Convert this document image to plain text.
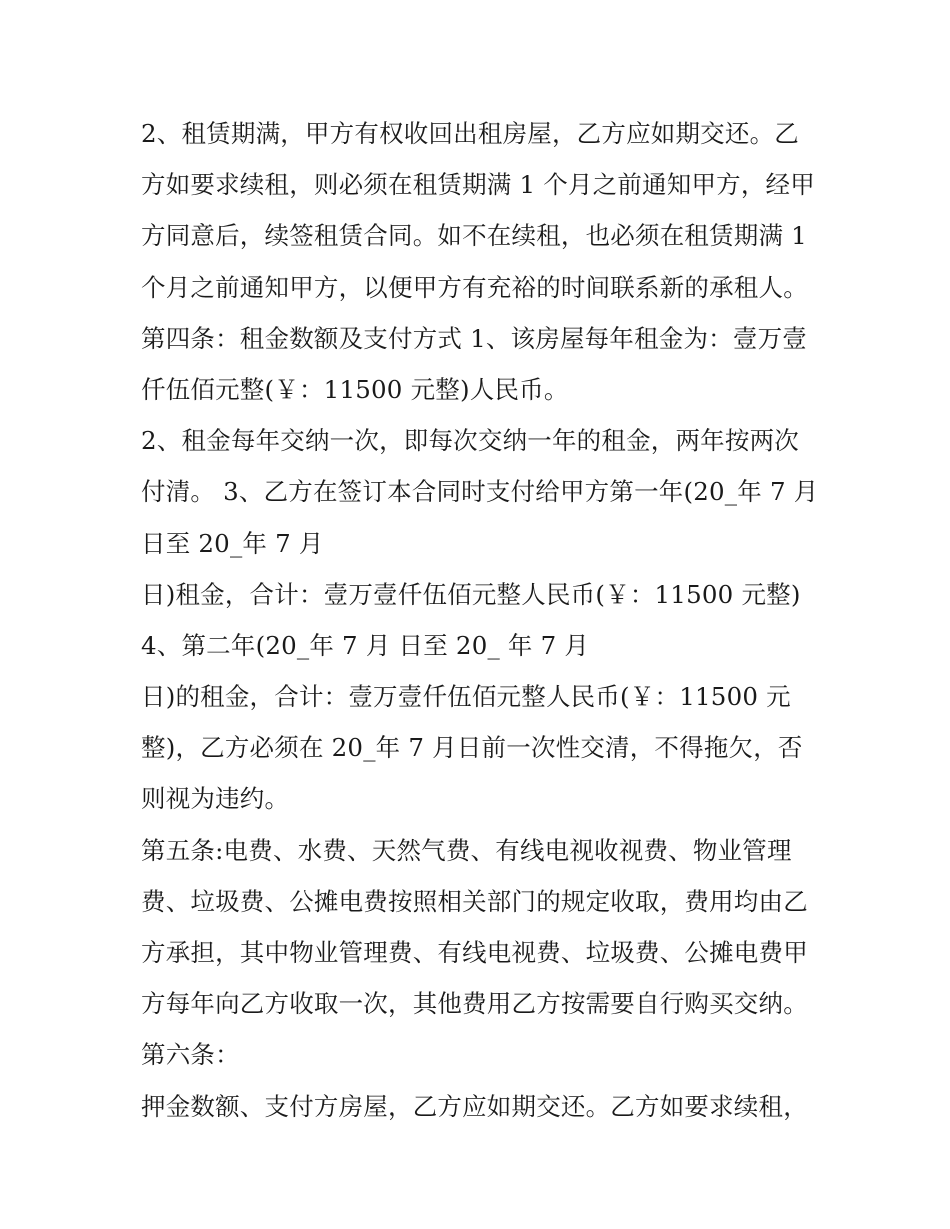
2、租赁期满，甲方有权收回出租房屋，乙方应如期交还。乙
方如要求续租，则必须在租赁期满 1 个月之前通知甲方，经甲
方同意后，续签租赁合同。如不在续租，也必须在租赁期满 1
个月之前通知甲方，以便甲方有充裕的时间联系新的承租人。
第四条：租金数额及支付方式 1、该房屋每年租金为：壹万壹
仟伍佰元整(￥：11500 元整)人民币。
2、租金每年交纳一次，即每次交纳一年的租金，两年按两次
付清。 3、乙方在签订本合同时支付给甲方第一年(20_年 7 月
日至 20_年 7 月
日)租金，合计：壹万壹仟伍佰元整人民币(￥：11500 元整)
4、第二年(20_年 7 月 日至 20_ 年 7 月
日)的租金，合计：壹万壹仟伍佰元整人民币(￥：11500 元
整)，乙方必须在 20_年 7 月日前一次性交清，不得拖欠，否
则视为违约。
第五条:电费、水费、天然气费、有线电视收视费、物业管理
费、垃圾费、公摊电费按照相关部门的规定收取，费用均由乙
方承担，其中物业管理费、有线电视费、垃圾费、公摊电费甲
方每年向乙方收取一次，其他费用乙方按需要自行购买交纳。
第六条：
押金数额、支付方房屋，乙方应如期交还。乙方如要求续租，
